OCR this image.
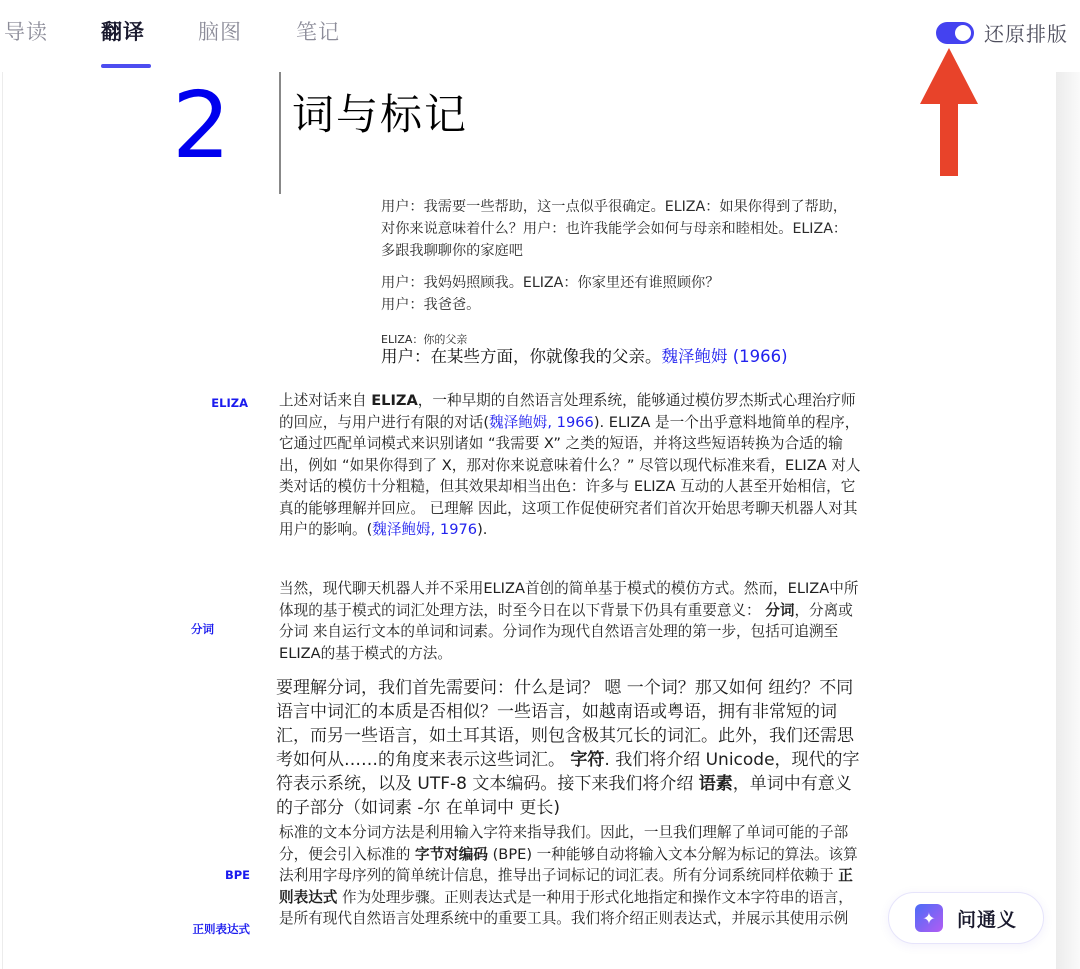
导读	翻译	脑图	笔记	还原排版
2 词与标记
用户：我需要一些帮助，这一点似乎很确定。ELIZA：如果你得到了帮助，对你来说意味着什么？用户：也许我能学会如何与母亲和睦相处。ELIZA：多跟我聊聊你的家庭吧
用户：我妈妈照顾我。ELIZA：你家里还有谁照顾你？
用户：我爸爸。
ELIZA：你的父亲
用户：在某些方面，你就像我的父亲。魏泽鲍姆 (1966)
ELIZA
分词
BPE
正则表达式
上述对话来自 ELIZA，一种早期的自然语言处理系统，能够通过模仿罗杰斯式心理治疗师的回应，与用户进行有限的对话(魏泽鲍姆, 1966). ELIZA 是一个出乎意料地简单的程序，它通过匹配单词模式来识别诸如 “我需要 X” 之类的短语，并将这些短语转换为合适的输出，例如 “如果你得到了 X，那对你来说意味着什么？” 尽管以现代标准来看，ELIZA 对人类对话的模仿十分粗糙，但其效果却相当出色：许多与 ELIZA 互动的人甚至开始相信，它真的能够理解并回应。 已理解 因此，这项工作促使研究者们首次开始思考聊天机器人对其用户的影响。(魏泽鲍姆, 1976).
当然，现代聊天机器人并不采用ELIZA首创的简单基于模式的模仿方式。然而，ELIZA中所体现的基于模式的词汇处理方法，时至今日在以下背景下仍具有重要意义： 分词，分离或分词 来自运行文本的单词和词素。分词作为现代自然语言处理的第一步，包括可追溯至ELIZA的基于模式的方法。
要理解分词，我们首先需要问：什么是词？ 嗯 一个词？那又如何 纽约？不同语言中词汇的本质是否相似？一些语言，如越南语或粤语，拥有非常短的词汇，而另一些语言，如土耳其语，则包含极其冗长的词汇。此外，我们还需思考如何从……的角度来表示这些词汇。 字符. 我们将介绍 Unicode，现代的字符表示系统，以及 UTF-8 文本编码。接下来我们将介绍 语素，单词中有意义的子部分（如词素 -尔 在单词中 更长)
标准的文本分词方法是利用输入字符来指导我们。因此，一旦我们理解了单词可能的子部分，便会引入标准的 字节对编码 (BPE) 一种能够自动将输入文本分解为标记的算法。该算法利用字母序列的简单统计信息，推导出子词标记的词汇表。所有分词系统同样依赖于 正则表达式 作为处理步骤。正则表达式是一种用于形式化地指定和操作文本字符串的语言，是所有现代自然语言处理系统中的重要工具。我们将介绍正则表达式，并展示其使用示例	✦	问通义
